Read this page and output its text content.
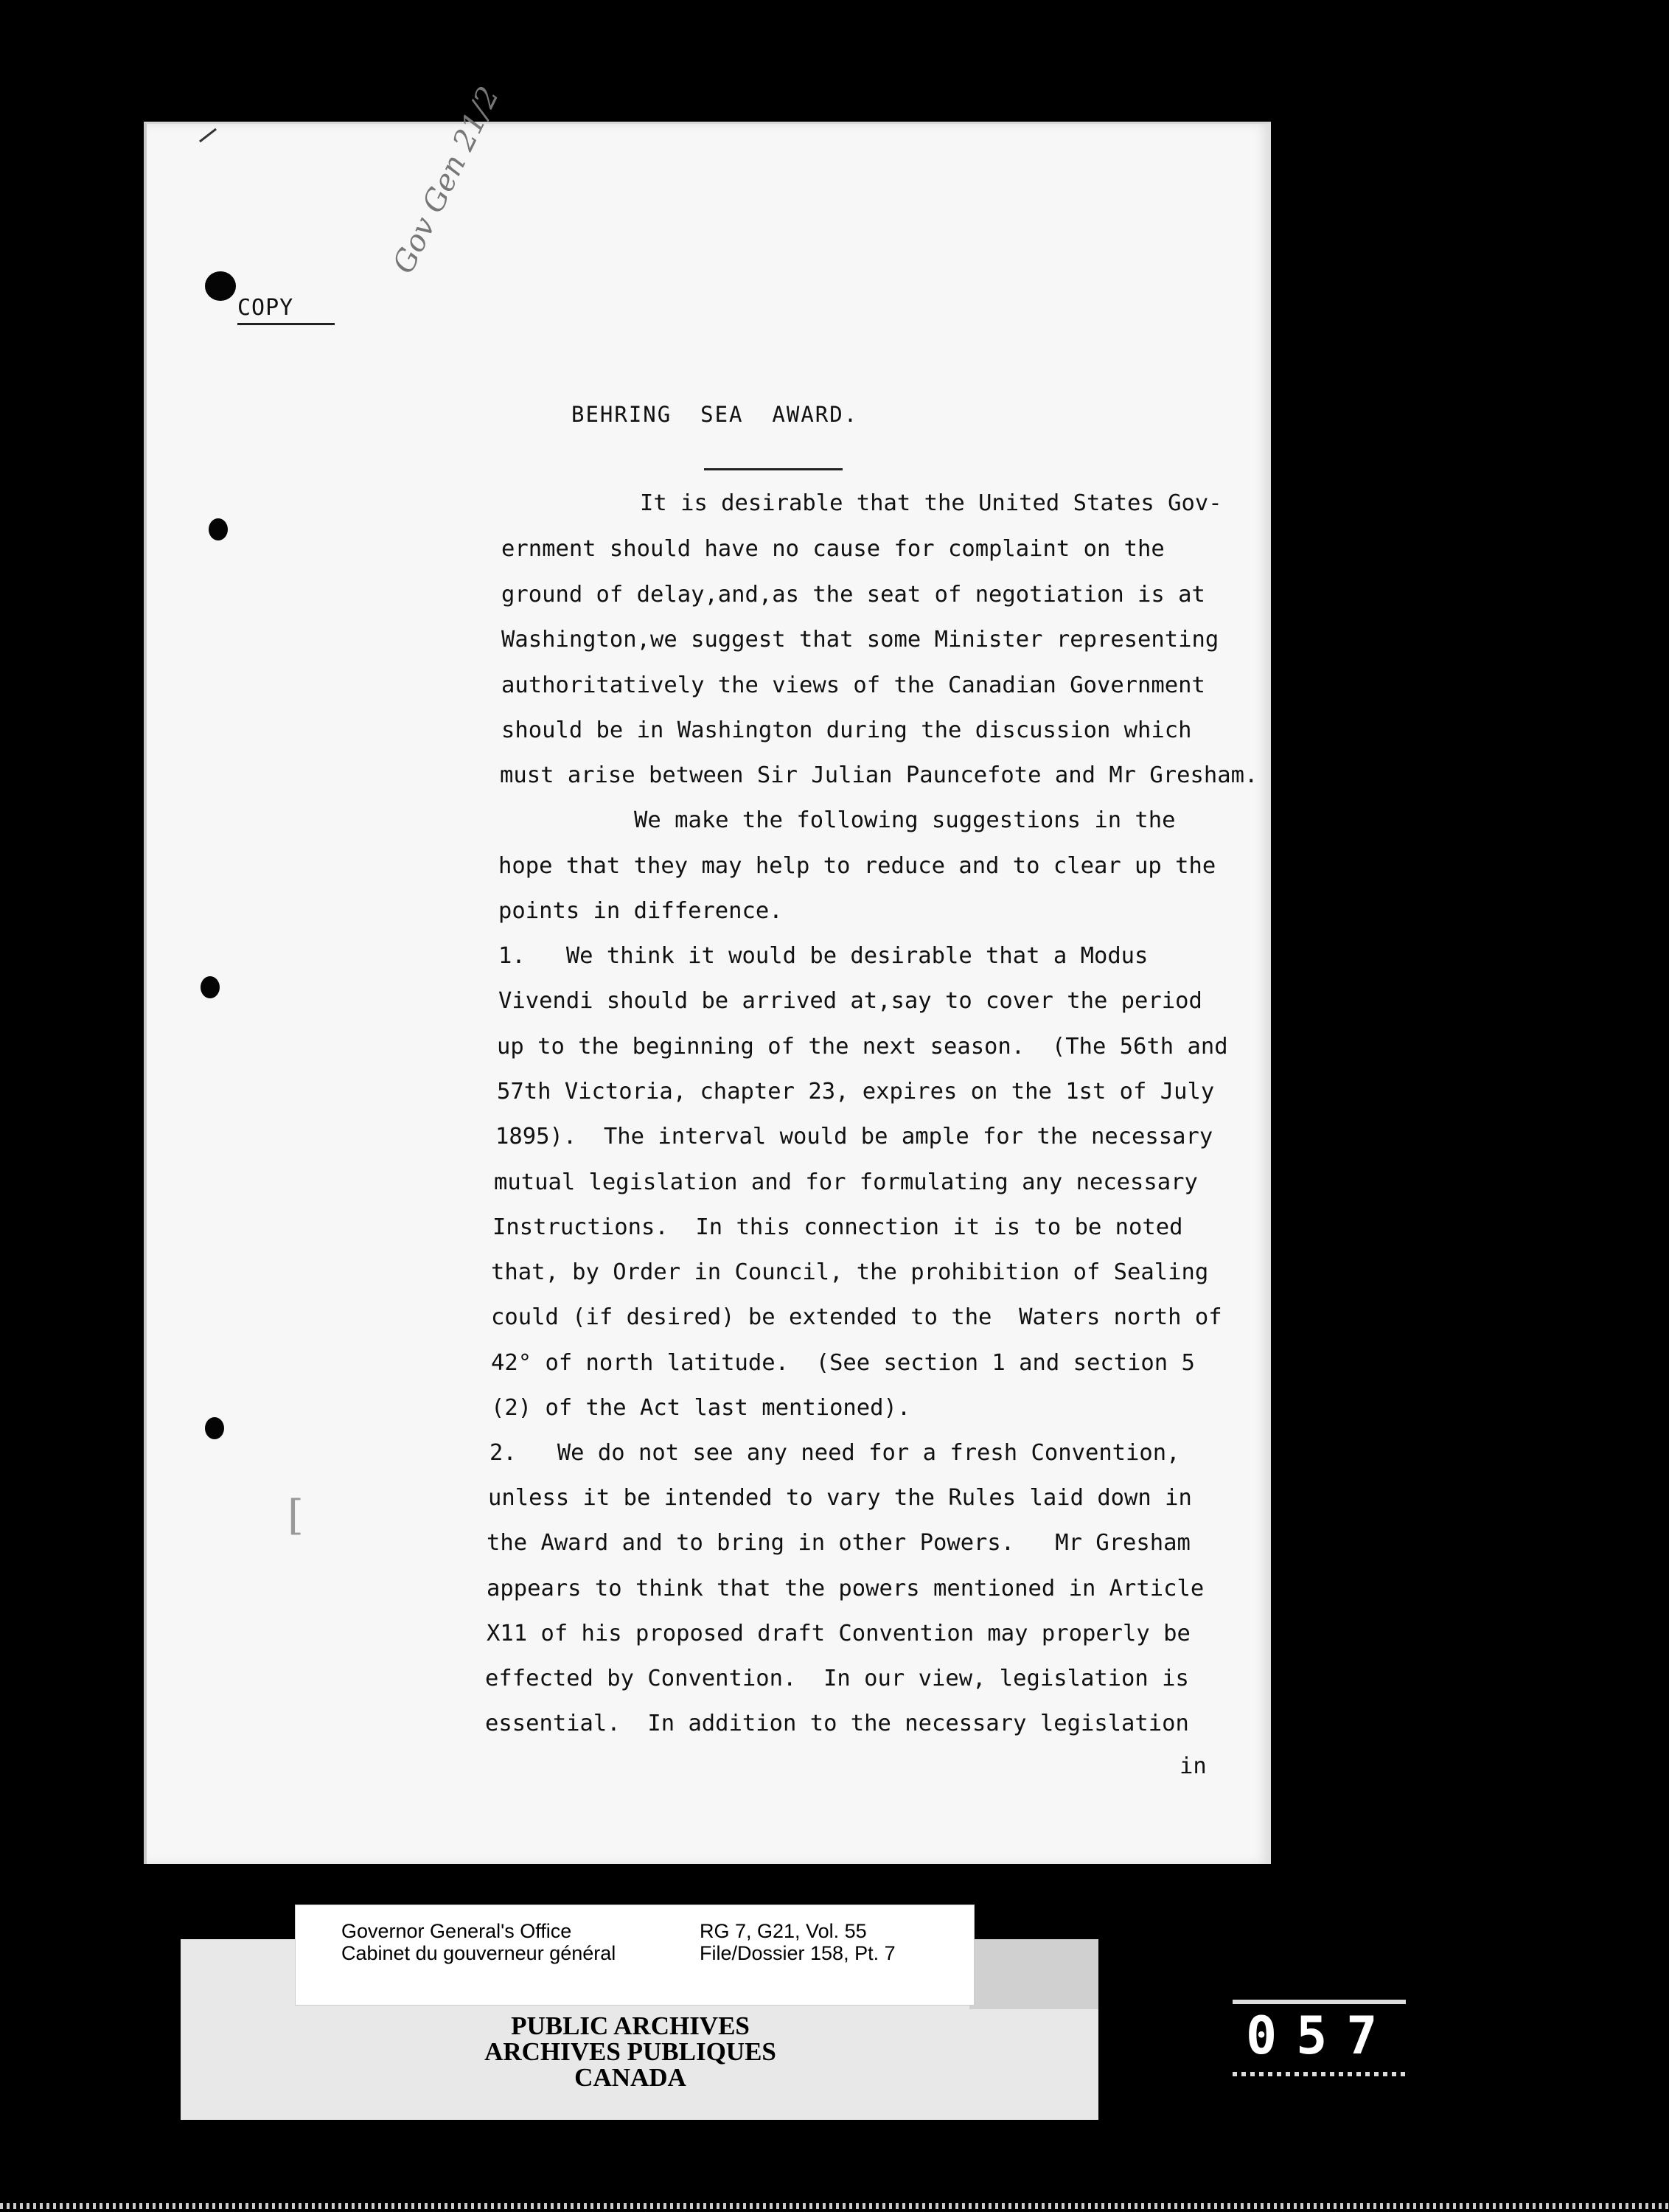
COPY
Gov Gen 21/2
BEHRING  SEA  AWARD.
It is desirable that the United States Gov-
ernment should have no cause for complaint on the
ground of delay,and,as the seat of negotiation is at
Washington,we suggest that some Minister representing
authoritatively the views of the Canadian Government
should be in Washington during the discussion which
must arise between Sir Julian Pauncefote and Mr Gresham.
We make the following suggestions in the
hope that they may help to reduce and to clear up the
points in difference.
1.   We think it would be desirable that a Modus
Vivendi should be arrived at,say to cover the period
up to the beginning of the next season.  (The 56th and
57th Victoria, chapter 23, expires on the 1st of July
1895).  The interval would be ample for the necessary
mutual legislation and for formulating any necessary
Instructions.  In this connection it is to be noted
that, by Order in Council, the prohibition of Sealing
could (if desired) be extended to the  Waters north of
42° of north latitude.  (See section 1 and section 5
(2) of the Act last mentioned).
2.   We do not see any need for a fresh Convention,
unless it be intended to vary the Rules laid down in
the Award and to bring in other Powers.   Mr Gresham
appears to think that the powers mentioned in Article
X11 of his proposed draft Convention may properly be
effected by Convention.  In our view, legislation is
essential.  In addition to the necessary legislation
in
[
Governor General's Office
Cabinet du gouverneur général
RG 7, G21, Vol. 55
File/Dossier 158, Pt. 7
PUBLIC ARCHIVES
ARCHIVES PUBLIQUES
CANADA
057
